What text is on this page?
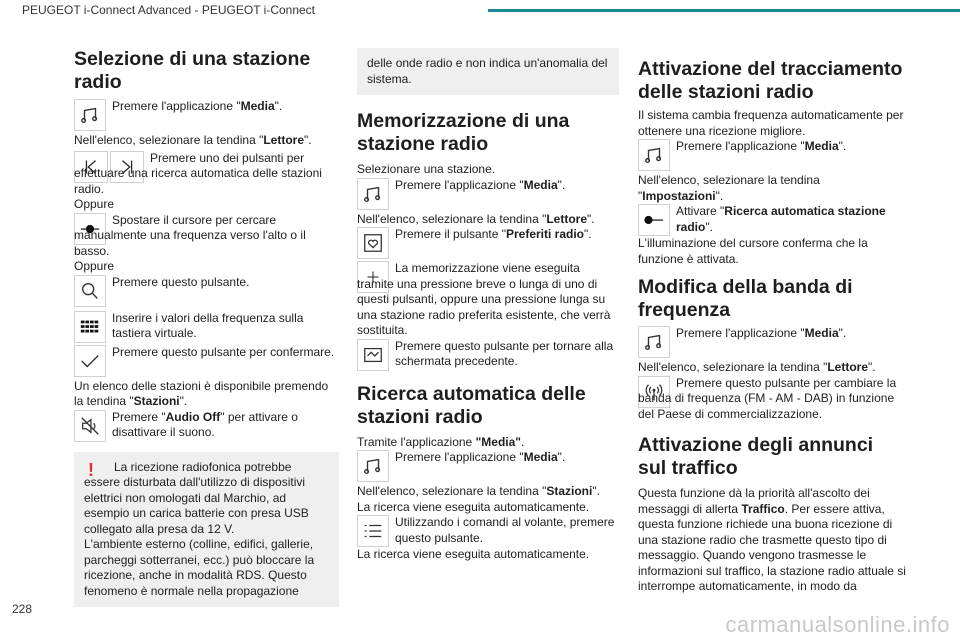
PEUGEOT i-Connect Advanced - PEUGEOT i-Connect
Selezione di una stazione radio

Premere l'applicazione "Media".

Nell'elenco, selezionare la tendina "Lettore".

Premere uno dei pulsanti per effettuare una ricerca automatica delle stazioni radio.

Oppure

Spostare il cursore per cercare manualmente una frequenza verso l'alto o il basso.

Oppure

Premere questo pulsante.

Inserire i valori della frequenza sulla tastiera virtuale.

Premere questo pulsante per confermare.

Un elenco delle stazioni è disponibile premendo la tendina "Stazioni".

Premere "Audio Off" per attivare o disattivare il suono.

!	La ricezione radiofonica potrebbe essere disturbata dall'utilizzo di dispositivi elettrici non omologati dal Marchio, ad esempio un carica batterie con presa USB collegato alla presa da 12 V.

L'ambiente esterno (colline, edifici, gallerie, parcheggi sotterranei, ecc.) può bloccare la ricezione, anche in modalità RDS. Questo fenomeno è normale nella propagazione

delle onde radio e non indica un'anomalia del sistema.

Memorizzazione di una stazione radio

Selezionare una stazione.

Premere l'applicazione "Media".

Nell'elenco, selezionare la tendina "Lettore".

Premere il pulsante "Preferiti radio".

La memorizzazione viene eseguita tramite una pressione breve o lunga di uno di questi pulsanti, oppure una pressione lunga su una stazione radio preferita esistente, che verrà sostituita.

Premere questo pulsante per tornare alla schermata precedente.

Ricerca automatica delle stazioni radio

Tramite l'applicazione "Media".

Premere l'applicazione "Media".

Nell'elenco, selezionare la tendina "Stazioni".

La ricerca viene eseguita automaticamente.

Utilizzando i comandi al volante, premere questo pulsante.

La ricerca viene eseguita automaticamente.

Attivazione del tracciamento delle stazioni radio

Il sistema cambia frequenza automaticamente per ottenere una ricezione migliore.

Premere l'applicazione "Media".

Nell'elenco, selezionare la tendina "Impostazioni".

Attivare "Ricerca automatica stazione radio".

L'illuminazione del cursore conferma che la funzione è attivata.

Modifica della banda di frequenza

Premere l'applicazione "Media".

Nell'elenco, selezionare la tendina "Lettore".

Premere questo pulsante per cambiare la banda di frequenza (FM - AM - DAB) in funzione del Paese di commercializzazione.

Attivazione degli annunci sul traffico

Questa funzione dà la priorità all'ascolto dei messaggi di allerta Traffico. Per essere attiva, questa funzione richiede una buona ricezione di una stazione radio che trasmette questo tipo di messaggio. Quando vengono trasmesse le informazioni sul traffico, la stazione radio attuale si interrompe automaticamente, in modo da

228
carmanualsonline.info
